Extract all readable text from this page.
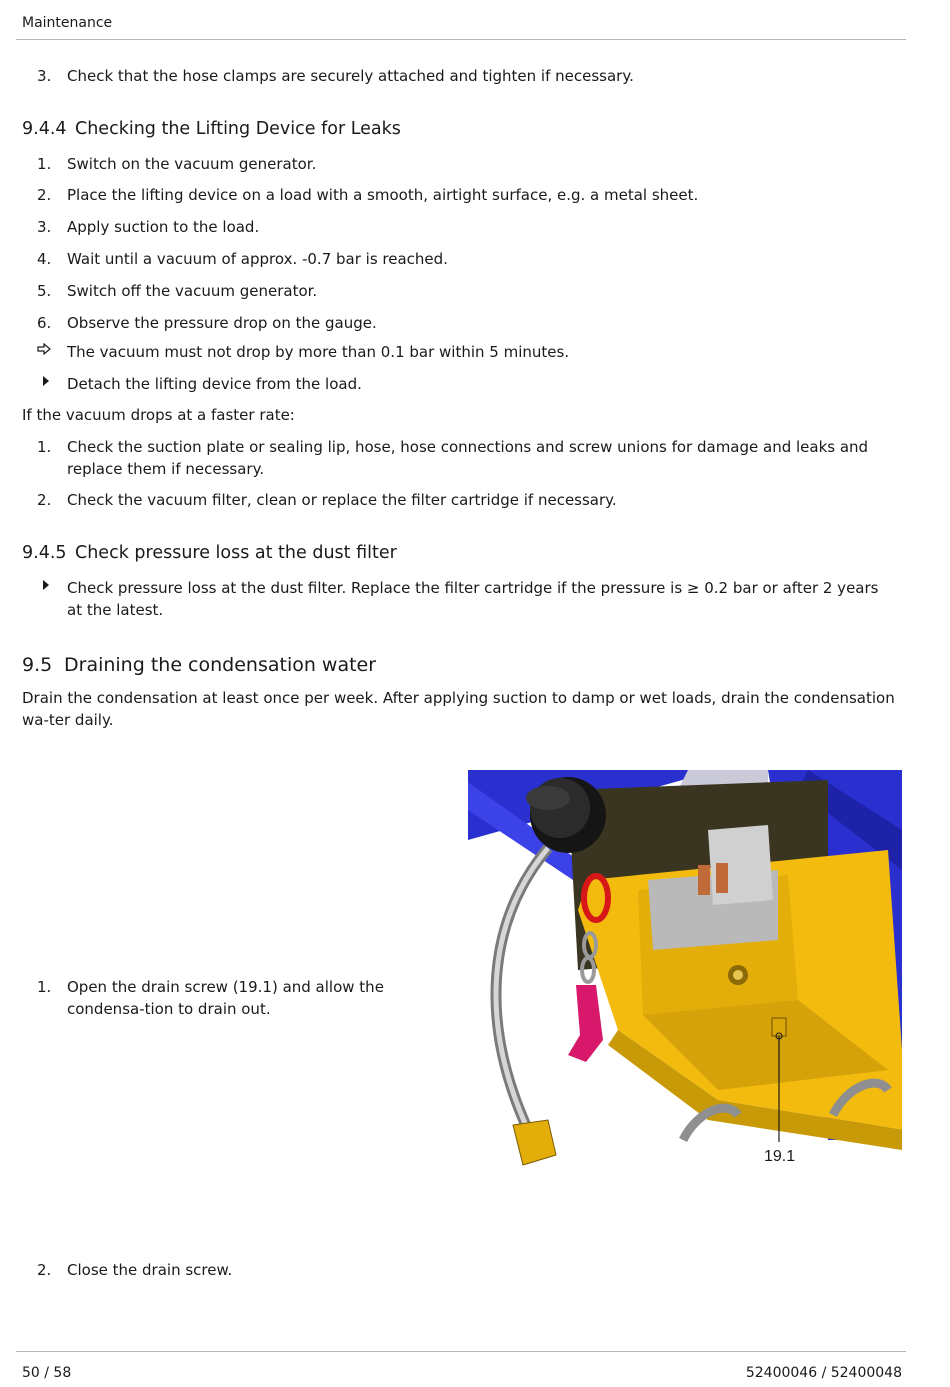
Maintenance
3. Check that the hose clamps are securely attached and tighten if necessary.
9.4.4 Checking the Lifting Device for Leaks
1. Switch on the vacuum generator.
2. Place the lifting device on a load with a smooth, airtight surface, e.g. a metal sheet.
3. Apply suction to the load.
4. Wait until a vacuum of approx. -0.7 bar is reached.
5. Switch off the vacuum generator.
6. Observe the pressure drop on the gauge.
The vacuum must not drop by more than 0.1 bar within 5 minutes.
Detach the lifting device from the load.
If the vacuum drops at a faster rate:
1. Check the suction plate or sealing lip, hose, hose connections and screw unions for damage and leaks and replace them if necessary.
2. Check the vacuum filter, clean or replace the filter cartridge if necessary.
9.4.5 Check pressure loss at the dust filter
Check pressure loss at the dust filter. Replace the filter cartridge if the pressure is ≥ 0.2 bar or after 2 years at the latest.
9.5 Draining the condensation water
Drain the condensation at least once per week. After applying suction to damp or wet loads, drain the condensation wa-ter daily.
1. Open the drain screw (19.1) and allow the condensa-tion to drain out.
19.1
2. Close the drain screw.
50 / 58	52400046 / 52400048
